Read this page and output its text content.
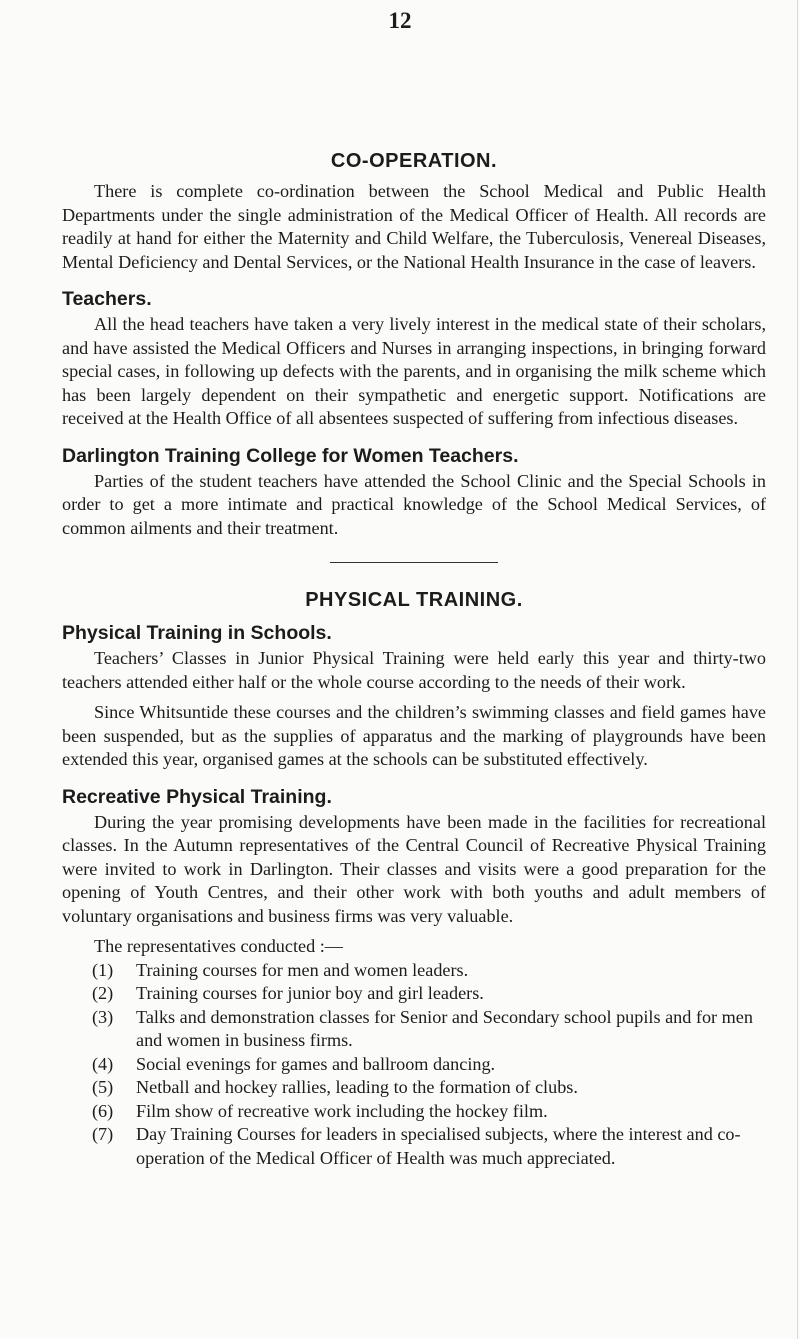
12
CO-OPERATION.

There is complete co-ordination between the School Medical and Public Health Departments under the single administration of the Medical Officer of Health. All records are readily at hand for either the Maternity and Child Welfare, the Tuberculosis, Venereal Diseases, Mental Deficiency and Dental Services, or the National Health Insurance in the case of leavers.

Teachers.

All the head teachers have taken a very lively interest in the medical state of their scholars, and have assisted the Medical Officers and Nurses in arranging inspections, in bringing forward special cases, in following up defects with the parents, and in organising the milk scheme which has been largely dependent on their sympathetic and energetic support. Notifications are received at the Health Office of all absentees suspected of suffering from infectious diseases.

Darlington Training College for Women Teachers.

Parties of the student teachers have attended the School Clinic and the Special Schools in order to get a more intimate and practical knowledge of the School Medical Services, of common ailments and their treatment.

PHYSICAL TRAINING.
Physical Training in Schools.

Teachers’ Classes in Junior Physical Training were held early this year and thirty-two teachers attended either half or the whole course according to the needs of their work.

Since Whitsuntide these courses and the children’s swimming classes and field games have been suspended, but as the supplies of apparatus and the marking of playgrounds have been extended this year, organised games at the schools can be substituted effectively.

Recreative Physical Training.

During the year promising developments have been made in the facilities for recreational classes. In the Autumn representatives of the Central Council of Recreative Physical Training were invited to work in Darlington. Their classes and visits were a good preparation for the opening of Youth Centres, and their other work with both youths and adult members of voluntary organisations and business firms was very valuable.

The representatives conducted :—

(1) Training courses for men and women leaders.
(2) Training courses for junior boy and girl leaders.
(3) Talks and demonstration classes for Senior and Secondary school pupils and for men and women in business firms.
(4) Social evenings for games and ballroom dancing.
(5) Netball and hockey rallies, leading to the formation of clubs.
(6) Film show of recreative work including the hockey film.
(7) Day Training Courses for leaders in specialised subjects, where the interest and co-operation of the Medical Officer of Health was much appreciated.
